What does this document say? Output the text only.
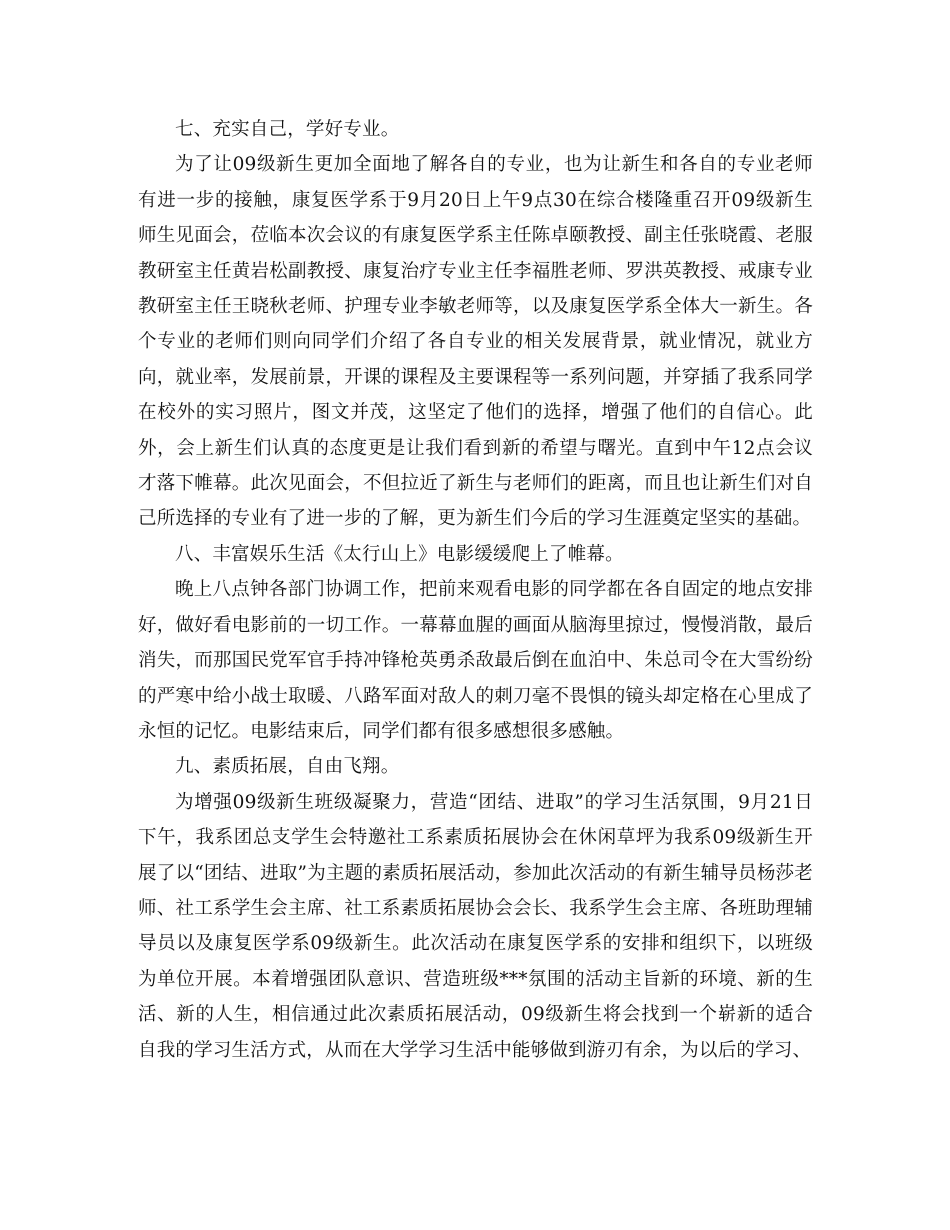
七、充实自己，学好专业。

为了让09级新生更加全面地了解各自的专业，也为让新生和各自的专业老师有进一步的接触，康复医学系于9月20日上午9点30在综合楼隆重召开09级新生师生见面会，莅临本次会议的有康复医学系主任陈卓颐教授、副主任张晓霞、老服教研室主任黄岩松副教授、康复治疗专业主任李福胜老师、罗洪英教授、戒康专业教研室主任王晓秋老师、护理专业李敏老师等，以及康复医学系全体大一新生。各个专业的老师们则向同学们介绍了各自专业的相关发展背景，就业情况，就业方向，就业率，发展前景，开课的课程及主要课程等一系列问题，并穿插了我系同学在校外的实习照片，图文并茂，这坚定了他们的选择，增强了他们的自信心。此外，会上新生们认真的态度更是让我们看到新的希望与曙光。直到中午12点会议才落下帷幕。此次见面会，不但拉近了新生与老师们的距离，而且也让新生们对自己所选择的专业有了进一步的了解，更为新生们今后的学习生涯奠定坚实的基础。

八、丰富娱乐生活《太行山上》电影缓缓爬上了帷幕。

晚上八点钟各部门协调工作，把前来观看电影的同学都在各自固定的地点安排好，做好看电影前的一切工作。一幕幕血腥的画面从脑海里掠过，慢慢消散，最后消失，而那国民党军官手持冲锋枪英勇杀敌最后倒在血泊中、朱总司令在大雪纷纷的严寒中给小战士取暖、八路军面对敌人的刺刀毫不畏惧的镜头却定格在心里成了永恒的记忆。电影结束后，同学们都有很多感想很多感触。

九、素质拓展，自由飞翔。

为增强09级新生班级凝聚力，营造“团结、进取”的学习生活氛围，9月21日下午，我系团总支学生会特邀社工系素质拓展协会在休闲草坪为我系09级新生开展了以“团结、进取”为主题的素质拓展活动，参加此次活动的有新生辅导员杨莎老师、社工系学生会主席、社工系素质拓展协会会长、我系学生会主席、各班助理辅导员以及康复医学系09级新生。此次活动在康复医学系的安排和组织下，以班级为单位开展。本着增强团队意识、营造班级***氛围的活动主旨新的环境、新的生活、新的人生，相信通过此次素质拓展活动，09级新生将会找到一个崭新的适合自我的学习生活方式，从而在大学学习生活中能够做到游刃有余，为以后的学习、
